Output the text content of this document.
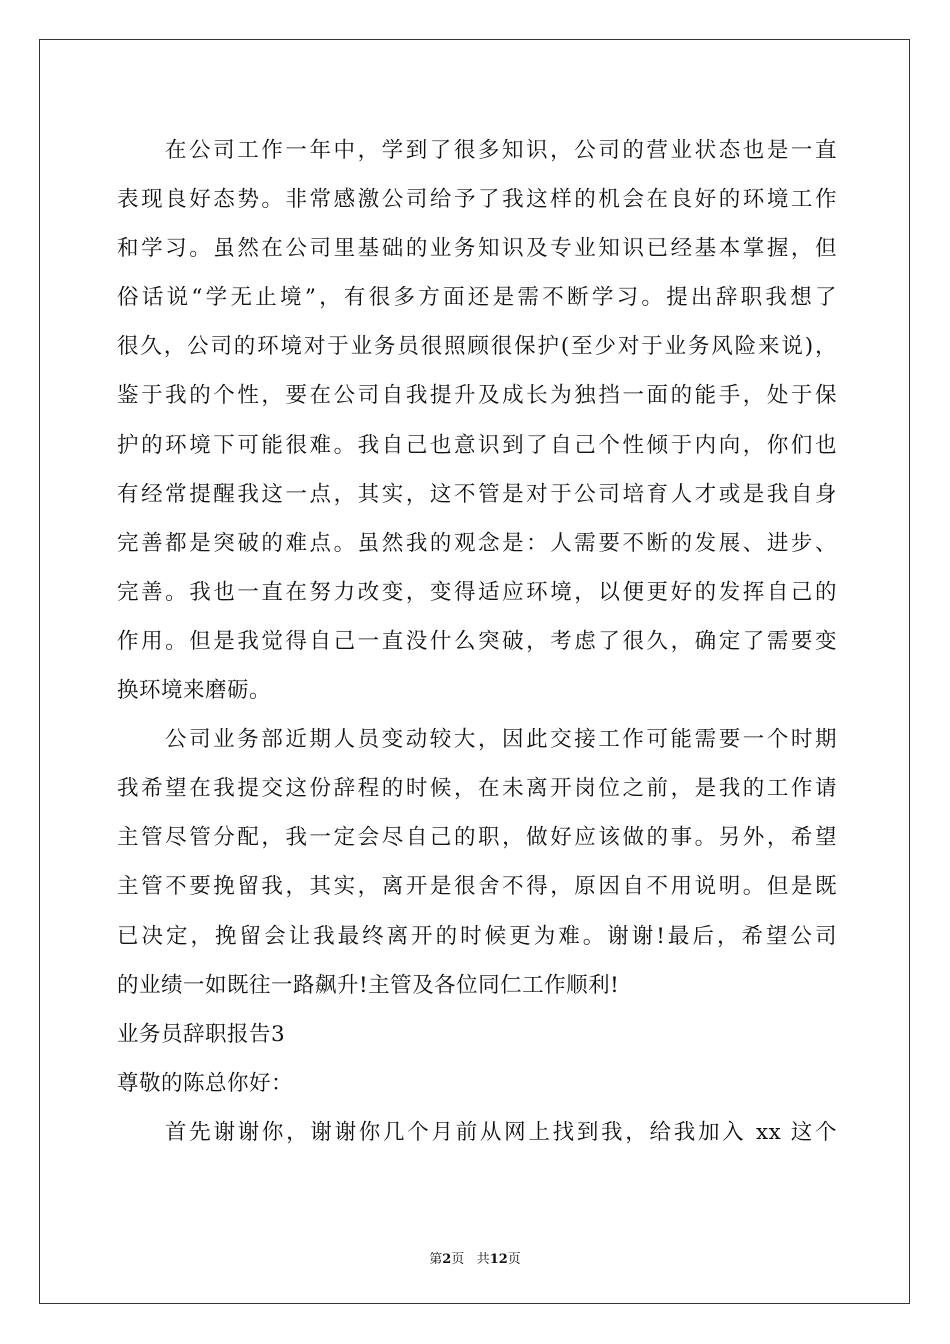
在公司工作一年中，学到了很多知识，公司的营业状态也是一直
表现良好态势。非常感激公司给予了我这样的机会在良好的环境工作
和学习。虽然在公司里基础的业务知识及专业知识已经基本掌握，但
俗话说“学无止境”，有很多方面还是需不断学习。提出辞职我想了
很久，公司的环境对于业务员很照顾很保护(至少对于业务风险来说)，
鉴于我的个性，要在公司自我提升及成长为独挡一面的能手，处于保
护的环境下可能很难。我自己也意识到了自己个性倾于内向，你们也
有经常提醒我这一点，其实，这不管是对于公司培育人才或是我自身
完善都是突破的难点。虽然我的观念是：人需要不断的发展、进步、
完善。我也一直在努力改变，变得适应环境，以便更好的发挥自己的
作用。但是我觉得自己一直没什么突破，考虑了很久，确定了需要变
换环境来磨砺。
公司业务部近期人员变动较大，因此交接工作可能需要一个时期
我希望在我提交这份辞程的时候，在未离开岗位之前，是我的工作请
主管尽管分配，我一定会尽自己的职，做好应该做的事。另外，希望
主管不要挽留我，其实，离开是很舍不得，原因自不用说明。但是既
已决定，挽留会让我最终离开的时候更为难。谢谢!最后，希望公司
的业绩一如既往一路飙升!主管及各位同仁工作顺利!
业务员辞职报告3
尊敬的陈总你好：
首先谢谢你，谢谢你几个月前从网上找到我，给我加入 xx 这个
第2页 共12页
